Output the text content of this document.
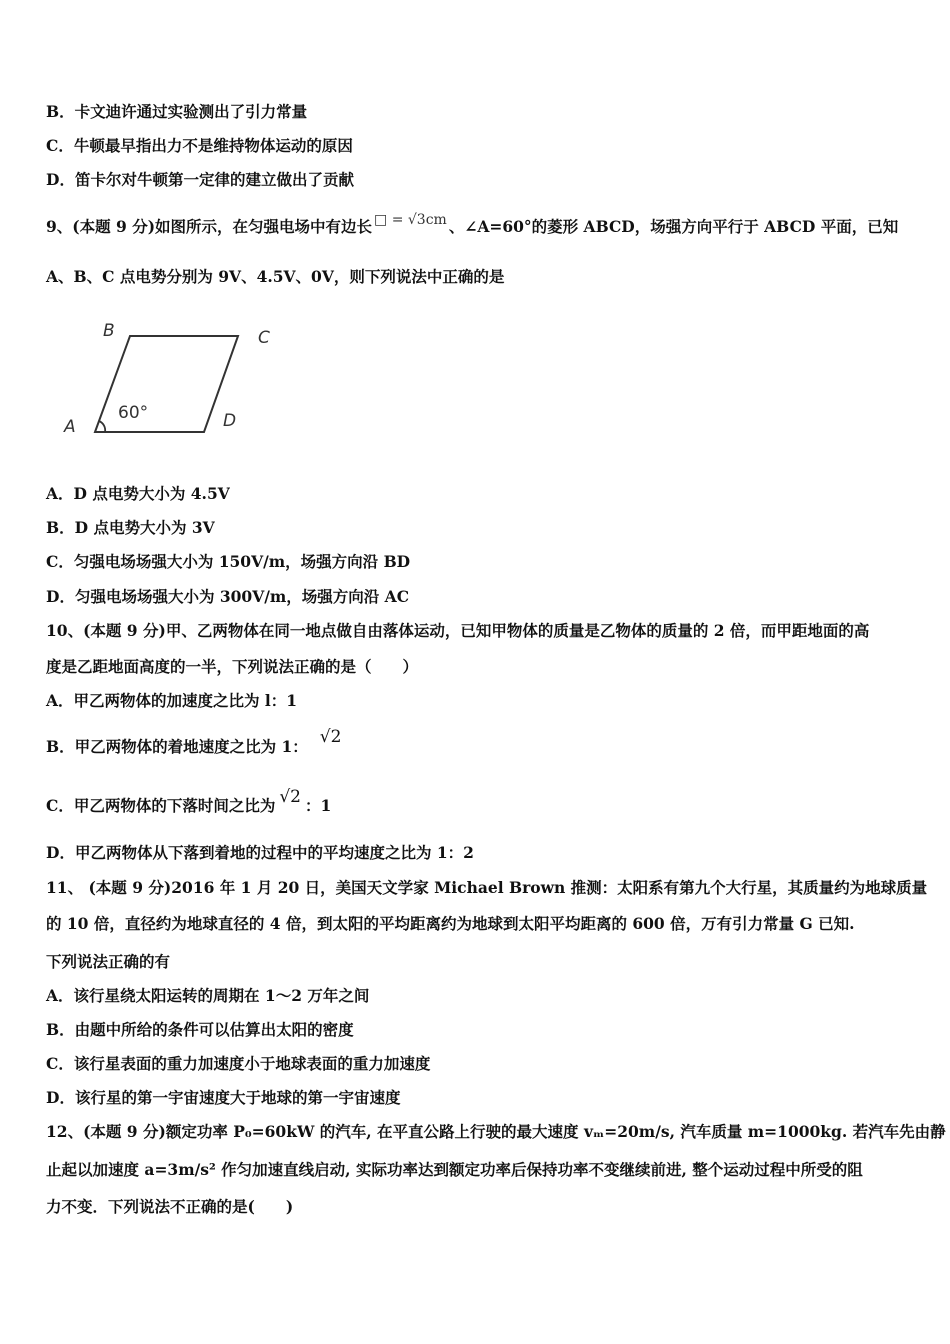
B．卡文迪许通过实验测出了引力常量
C．牛顿最早指出力不是维持物体运动的原因
D．笛卡尔对牛顿第一定律的建立做出了贡献
9、(本题 9 分)如图所示，在匀强电场中有边长 □ = √3cm 、∠A=60°的菱形 ABCD，场强方向平行于 ABCD 平面，已知
A、B、C 点电势分别为 9V、4.5V、0V，则下列说法中正确的是
B	C
A	D
60°
A．D 点电势大小为 4.5V
B．D 点电势大小为 3V
C．匀强电场场强大小为 150V/m，场强方向沿 BD
D．匀强电场场强大小为 300V/m，场强方向沿 AC
10、(本题 9 分)甲、乙两物体在同一地点做自由落体运动，已知甲物体的质量是乙物体的质量的 2 倍，而甲距地面的高
度是乙距地面高度的一半，下列说法正确的是（　　）
A．甲乙两物体的加速度之比为 l：1
B．甲乙两物体的着地速度之比为 1： √2
C．甲乙两物体的下落时间之比为 √2 ：1
D．甲乙两物体从下落到着地的过程中的平均速度之比为 1：2
11、 (本题 9 分)2016 年 1 月 20 日，美国天文学家 Michael Brown 推测：太阳系有第九个大行星，其质量约为地球质量
的 10 倍，直径约为地球直径的 4 倍，到太阳的平均距离约为地球到太阳平均距离的 600 倍，万有引力常量 G 已知.
下列说法正确的有
A．该行星绕太阳运转的周期在 1～2 万年之间
B．由题中所给的条件可以估算出太阳的密度
C．该行星表面的重力加速度小于地球表面的重力加速度
D．该行星的第一宇宙速度大于地球的第一宇宙速度
12、(本题 9 分)额定功率 P₀=60kW 的汽车, 在平直公路上行驶的最大速度 vₘ=20m/s, 汽车质量 m=1000kg. 若汽车先由静
止起以加速度 a=3m/s² 作匀加速直线启动, 实际功率达到额定功率后保持功率不变继续前进, 整个运动过程中所受的阻
力不变．下列说法不正确的是(　　)
